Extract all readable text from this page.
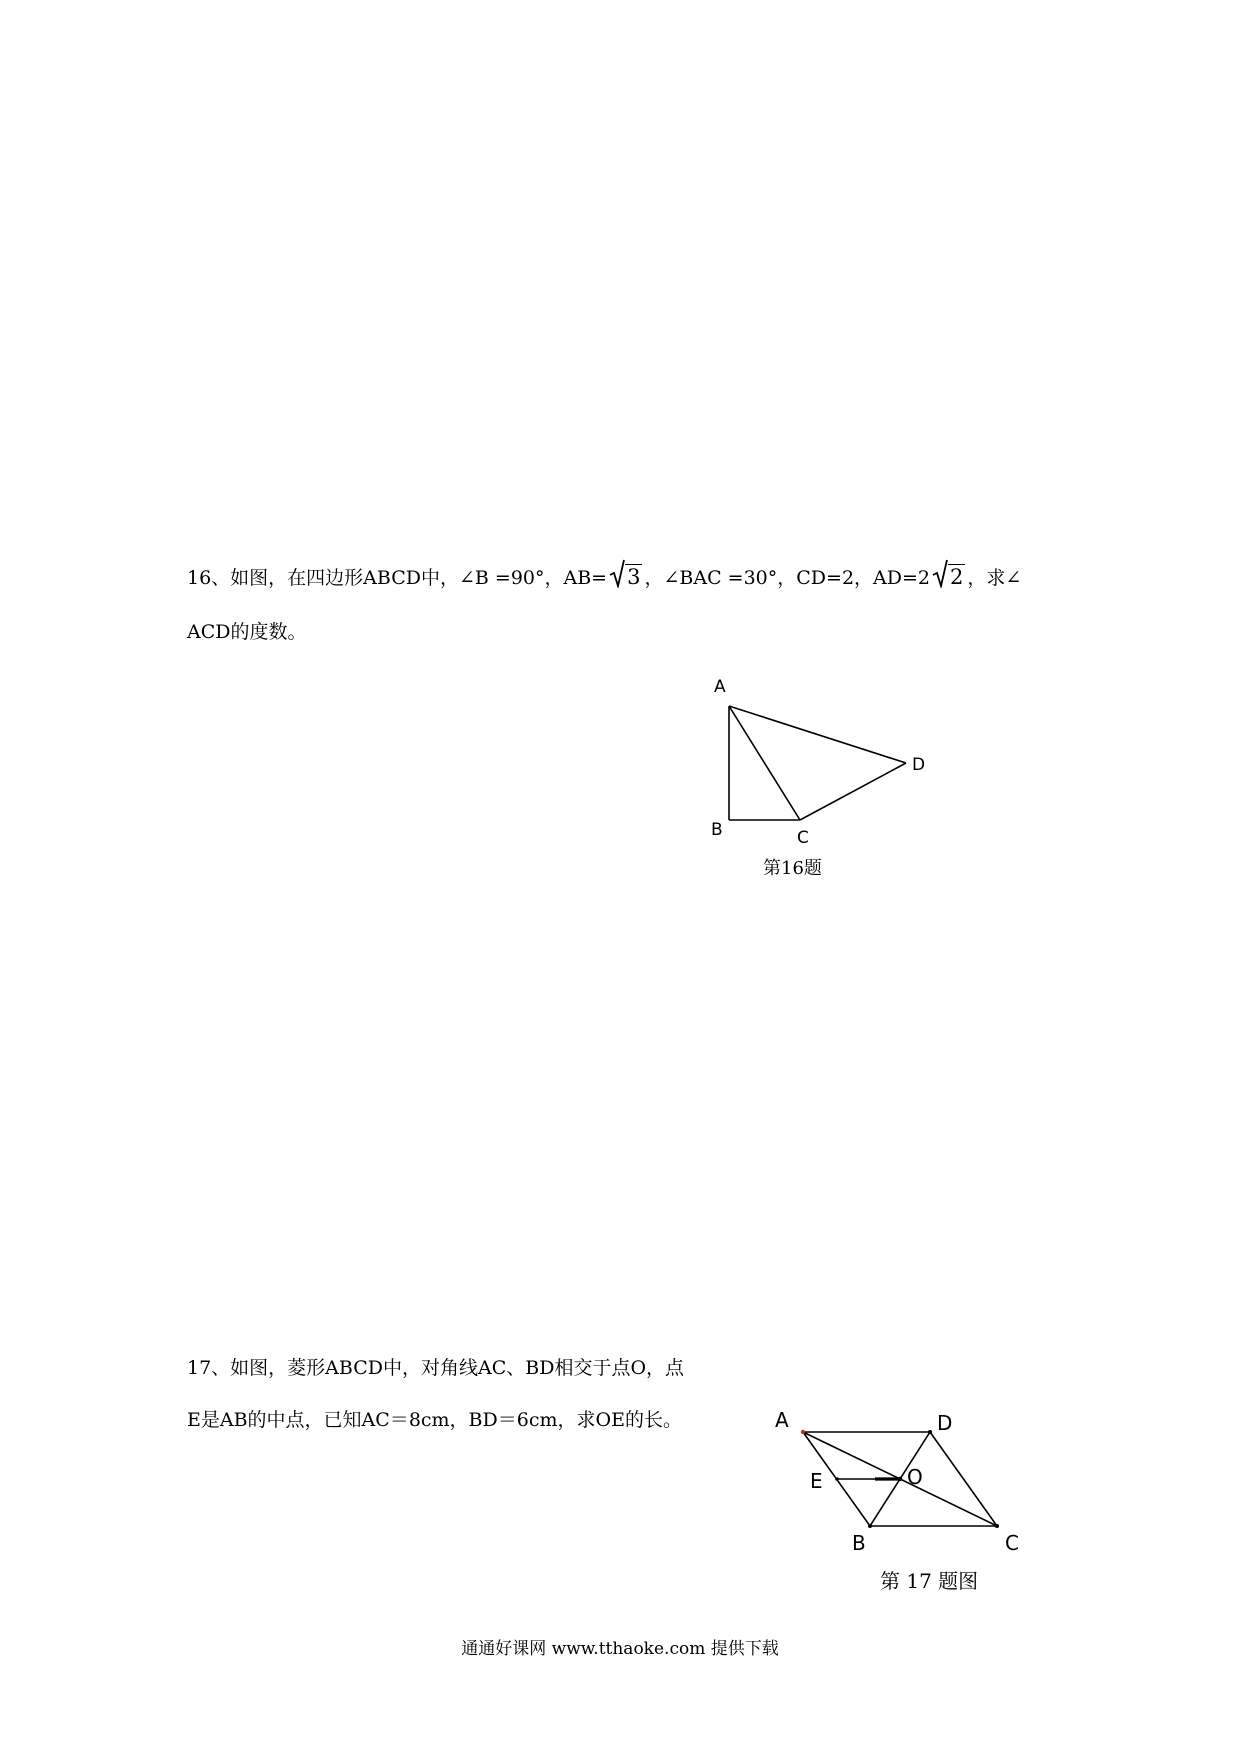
16、如图，在四边形ABCD中，∠B =90°，AB= 3 ，∠BAC =30°，CD=2，AD=2 2 ，求∠
ACD的度数。
A
B	C
D
第16题
17、如图，菱形ABCD中，对角线AC、BD相交于点O，点
E是AB的中点，已知AC＝8cm，BD＝6cm，求OE的长。	A	D
E	O
B	C
第 17 题图
通通好课网 www.tthaoke.com 提供下载
